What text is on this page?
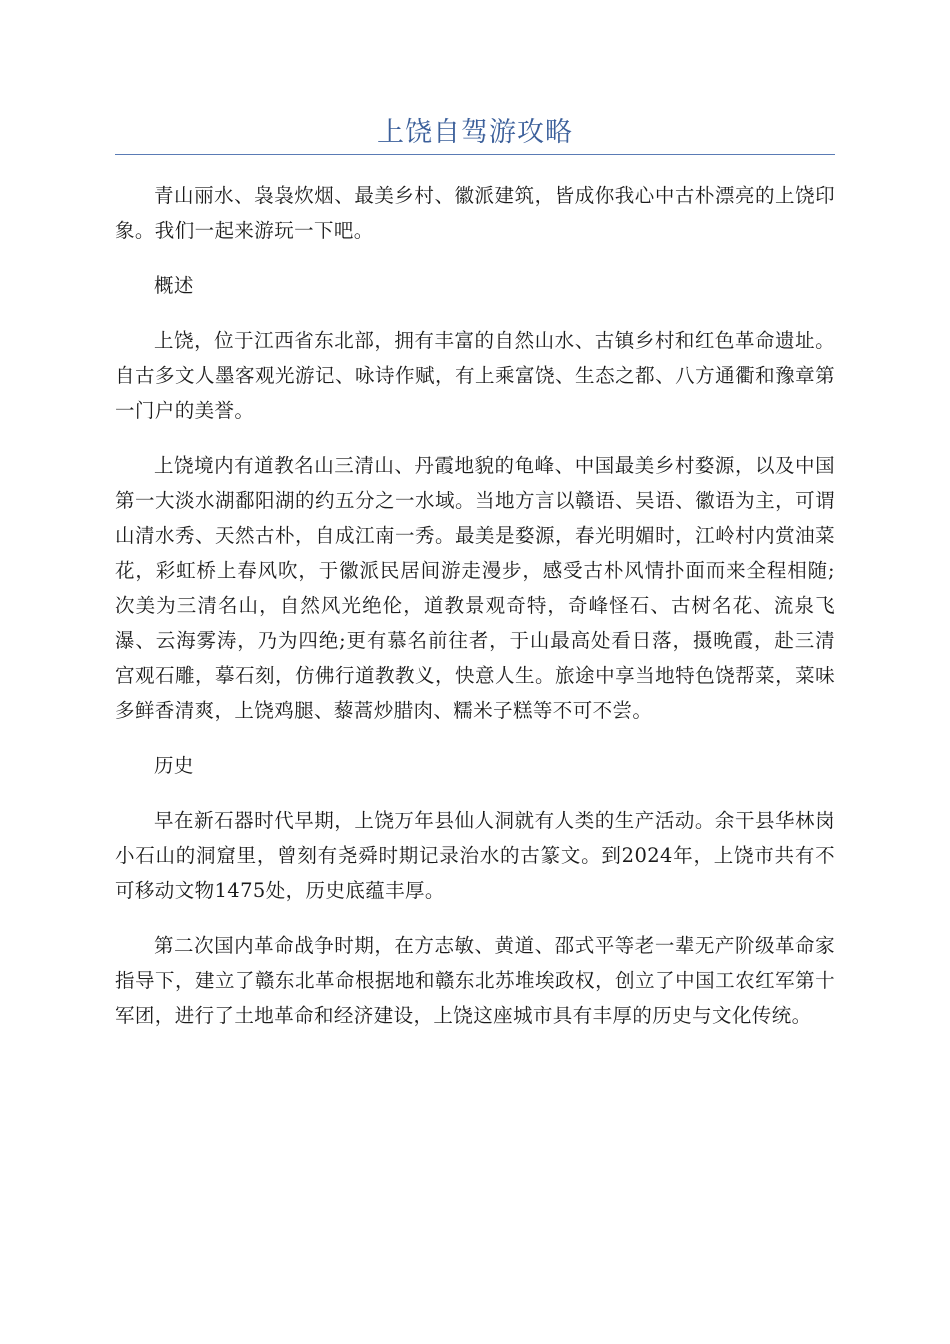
上饶自驾游攻略

青山丽水、袅袅炊烟、最美乡村、徽派建筑，皆成你我心中古朴漂亮的上饶印象。我们一起来游玩一下吧。

概述

上饶，位于江西省东北部，拥有丰富的自然山水、古镇乡村和红色革命遗址。自古多文人墨客观光游记、咏诗作赋，有上乘富饶、生态之都、八方通衢和豫章第一门户的美誉。

上饶境内有道教名山三清山、丹霞地貌的龟峰、中国最美乡村婺源，以及中国第一大淡水湖鄱阳湖的约五分之一水域。当地方言以赣语、吴语、徽语为主，可谓山清水秀、天然古朴，自成江南一秀。最美是婺源，春光明媚时，江岭村内赏油菜花，彩虹桥上春风吹，于徽派民居间游走漫步，感受古朴风情扑面而来全程相随;次美为三清名山，自然风光绝伦，道教景观奇特，奇峰怪石、古树名花、流泉飞瀑、云海雾涛，乃为四绝;更有慕名前往者，于山最高处看日落，摄晚霞，赴三清宫观石雕，摹石刻，仿佛行道教教义，快意人生。旅途中享当地特色饶帮菜，菜味多鲜香清爽，上饶鸡腿、藜蒿炒腊肉、糯米子糕等不可不尝。

历史

早在新石器时代早期，上饶万年县仙人洞就有人类的生产活动。余干县华林岗小石山的洞窟里，曾刻有尧舜时期记录治水的古篆文。到2024年，上饶市共有不可移动文物1475处，历史底蕴丰厚。

第二次国内革命战争时期，在方志敏、黄道、邵式平等老一辈无产阶级革命家指导下，建立了赣东北革命根据地和赣东北苏堆埃政权，创立了中国工农红军第十军团，进行了土地革命和经济建设，上饶这座城市具有丰厚的历史与文化传统。
